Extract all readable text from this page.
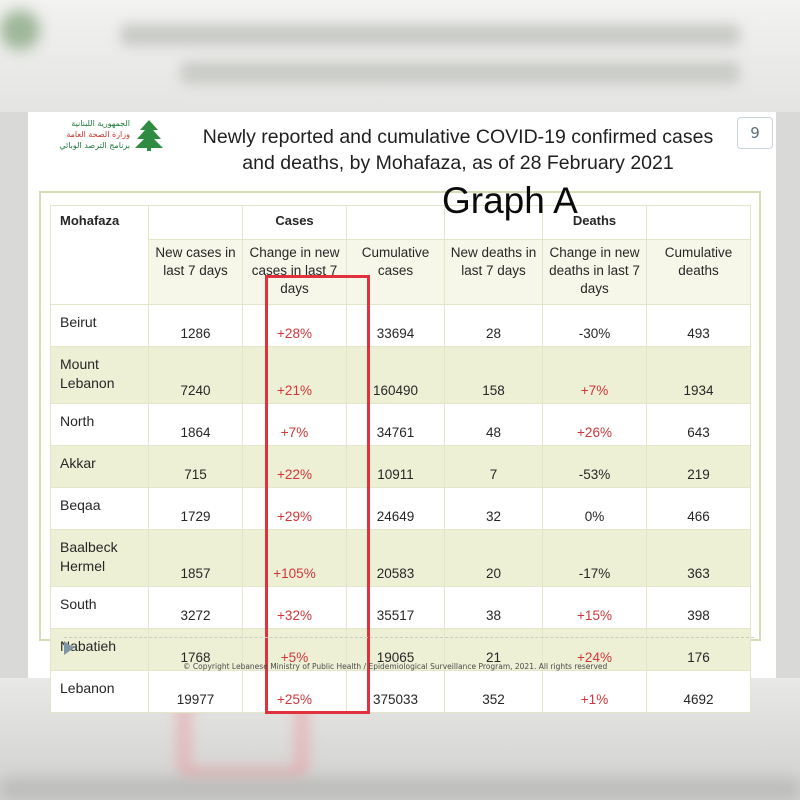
الجمهورية اللبنانية
وزارة الصحة العامة
برنامج الترصد الوبائي	Newly reported and cumulative COVID-19 confirmed cases
and deaths, by Mohafaza, as of 28 February 2021
9
Mohafaza		Cases			Deaths	
	New cases in last 7 days	Change in new cases in last 7 days	Cumulative cases	New deaths in last 7 days	Change in new deaths in last 7 days	Cumulative deaths
Beirut	1286	+28%	33694	28	-30%	493
Mount Lebanon	7240	+21%	160490	158	+7%	1934
North	1864	+7%	34761	48	+26%	643
Akkar	715	+22%	10911	7	-53%	219
Beqaa	1729	+29%	24649	32	0%	466
Baalbeck Hermel	1857	+105%	20583	20	-17%	363
South	3272	+32%	35517	38	+15%	398
Nabatieh	1768	+5%	19065	21	+24%	176
Lebanon	19977	+25%	375033	352	+1%	4692
Graph A
© Copyright Lebanese Ministry of Public Health / Epidemiological Surveillance Program, 2021. All rights reserved
